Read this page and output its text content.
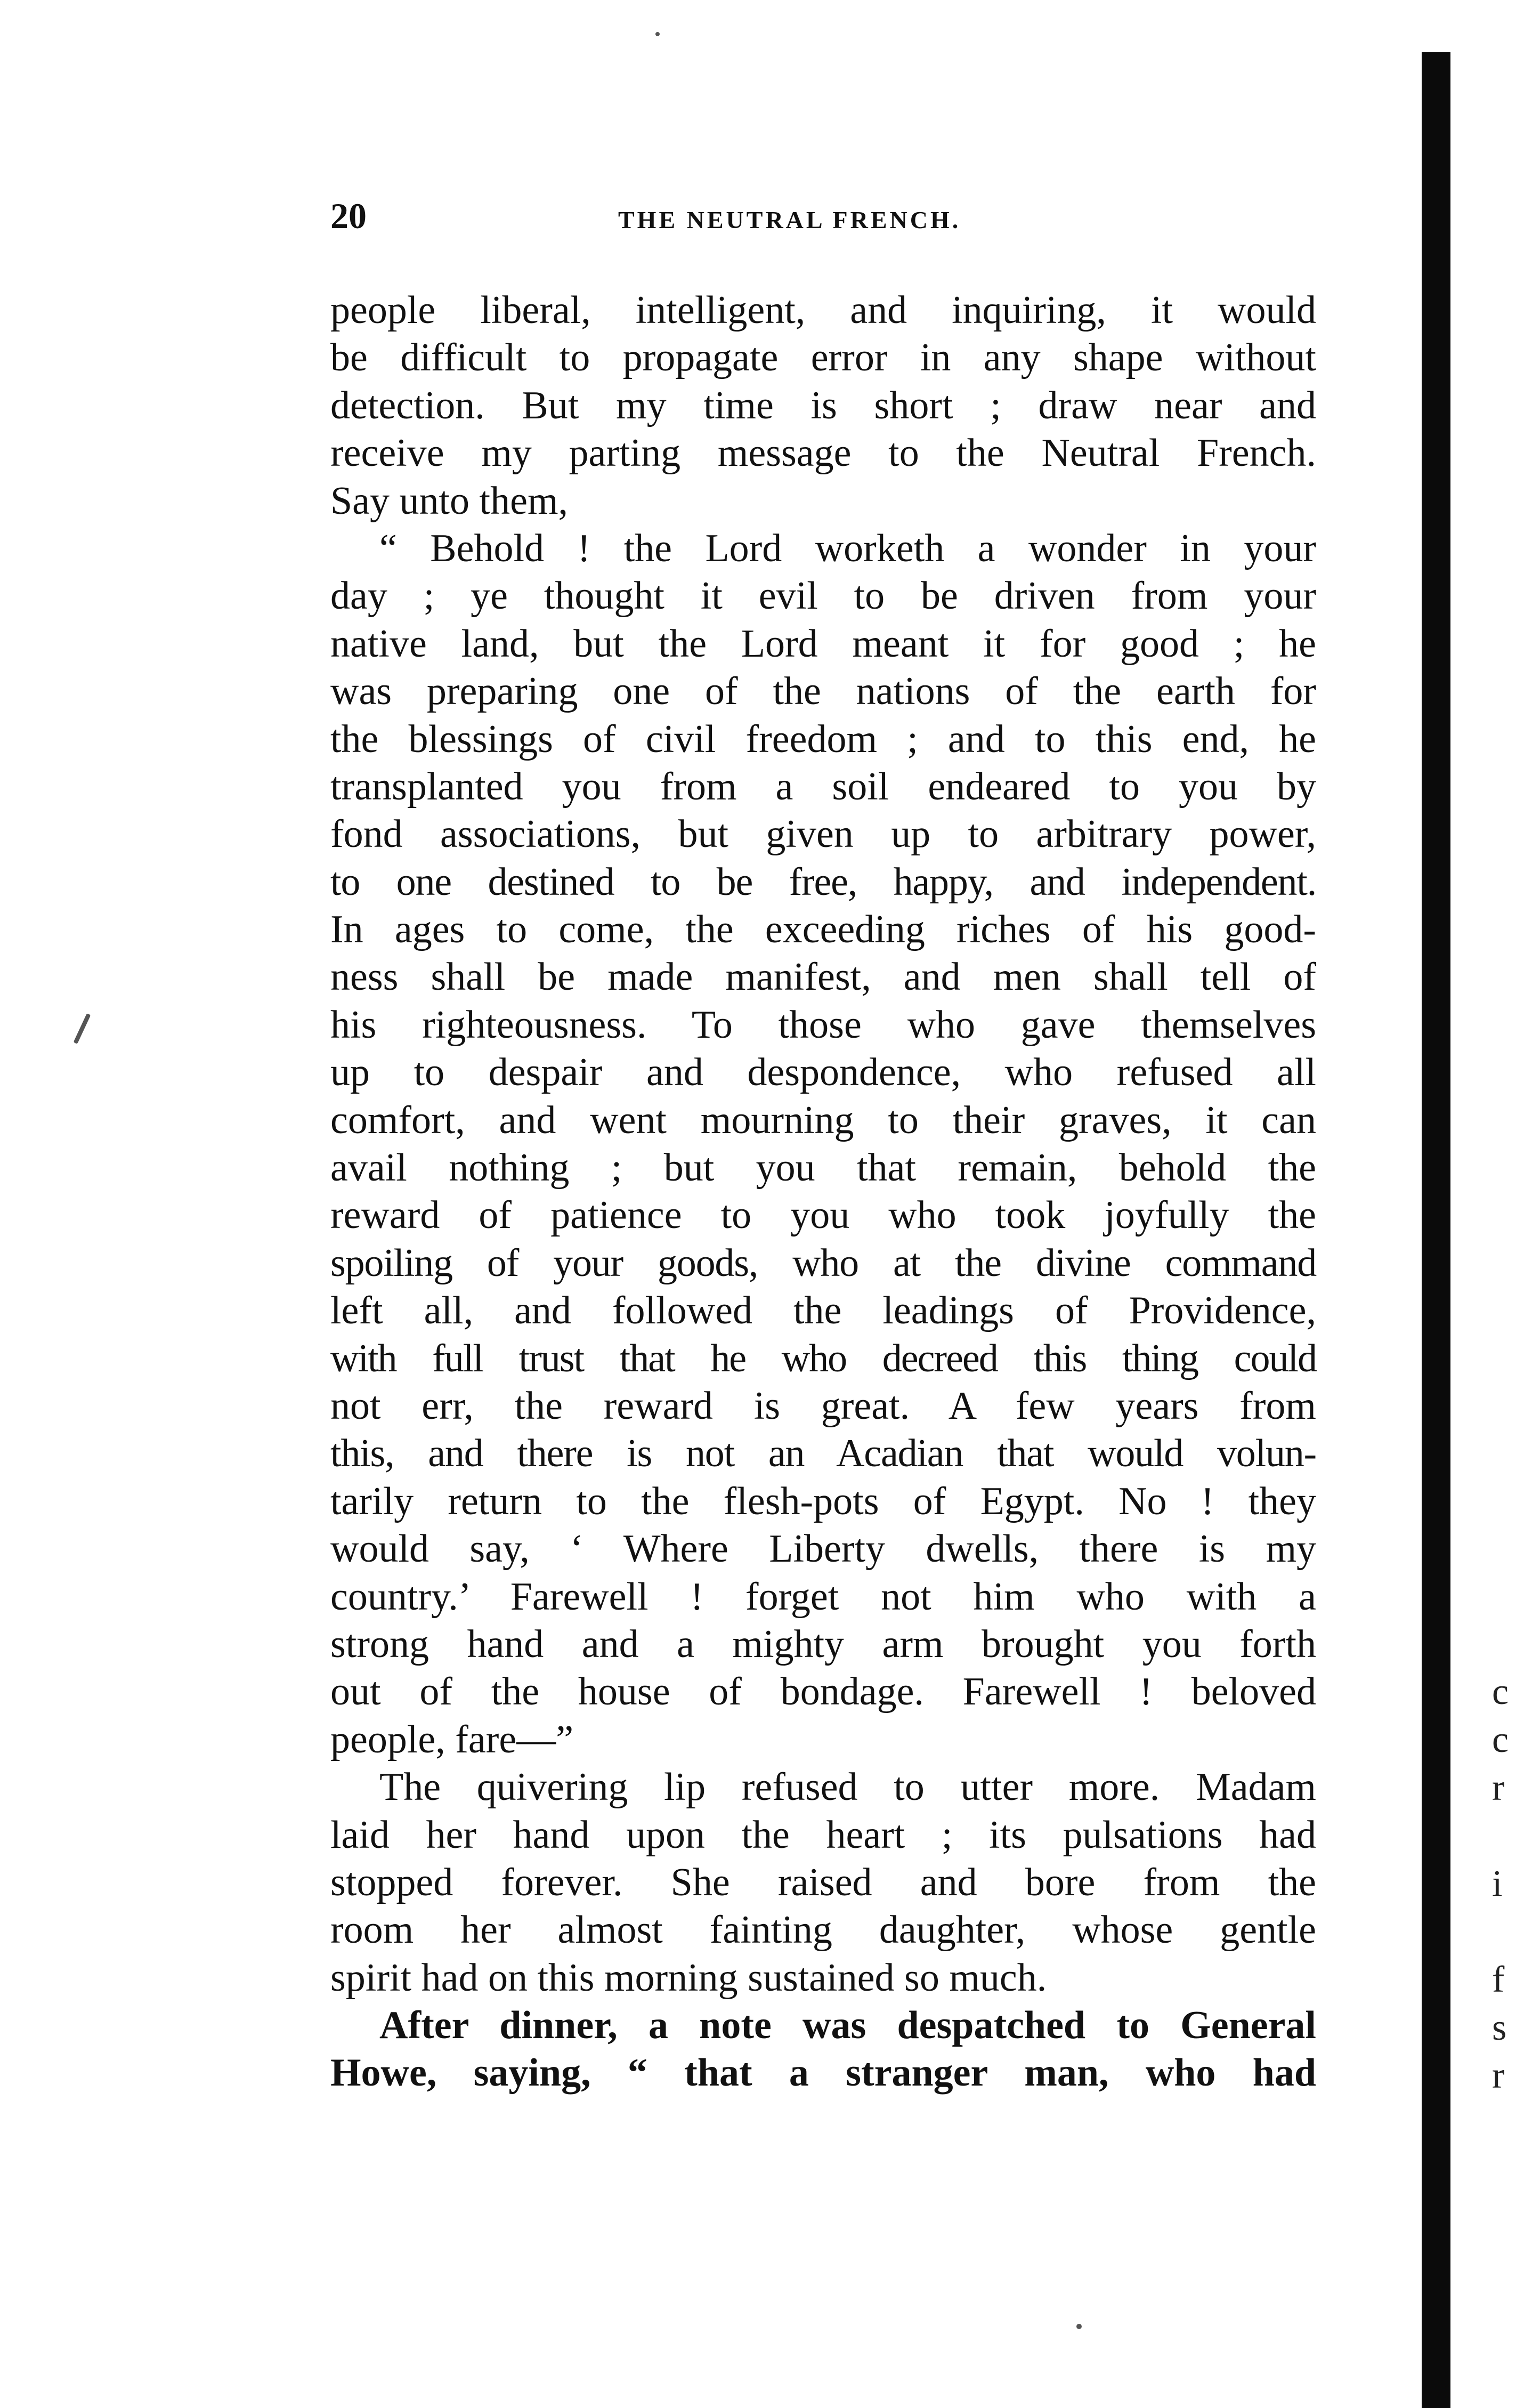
20	THE NEUTRAL FRENCH.

people liberal, intelligent, and inquiring, it would

be difficult to propagate error in any shape without

detection. But my time is short ; draw near and

receive my parting message to the Neutral French.

Say unto them,

“ Behold ! the Lord worketh a wonder in your

day ; ye thought it evil to be driven from your

native land, but the Lord meant it for good ; he

was preparing one of the nations of the earth for

the blessings of civil freedom ; and to this end, he

transplanted you from a soil endeared to you by

fond associations, but given up to arbitrary power,

to one destined to be free, happy, and independent.

In ages to come, the exceeding riches of his good-

ness shall be made manifest, and men shall tell of

his righteousness. To those who gave themselves

up to despair and despondence, who refused all

comfort, and went mourning to their graves, it can

avail nothing ; but you that remain, behold the

reward of patience to you who took joyfully the

spoiling of your goods, who at the divine command

left all, and followed the leadings of Providence,

with full trust that he who decreed this thing could

not err, the reward is great. A few years from

this, and there is not an Acadian that would volun-

tarily return to the flesh-pots of Egypt. No ! they

would say, ‘ Where Liberty dwells, there is my

country.’ Farewell ! forget not him who with a

strong hand and a mighty arm brought you forth

out of the house of bondage. Farewell ! beloved

people, fare—”

The quivering lip refused to utter more. Madam

laid her hand upon the heart ; its pulsations had

stopped forever. She raised and bore from the

room her almost fainting daughter, whose gentle

spirit had on this morning sustained so much.

After dinner, a note was despatched to General

Howe, saying, “ that a stranger man, who had

c
c
r
i
f
s
r
